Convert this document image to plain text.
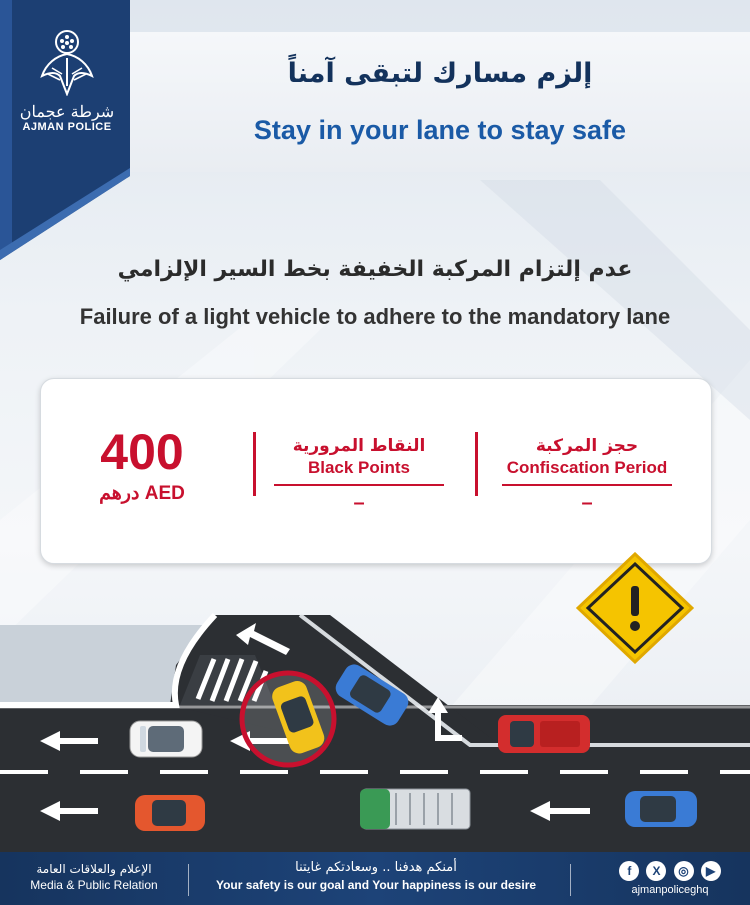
شرطة عجمان
AJMAN POLICE
إلزم مسارك لتبقى آمناً
Stay in your lane to stay safe
عدم إلتزام المركبة الخفيفة بخط السير الإلزامي
Failure of a light vehicle to adhere to the mandatory lane
400
AED درهم
النقاط المرورية
Black Points
–
حجز المركبة
Confiscation Period
–
الإعلام والعلاقات العامة
Media & Public Relation
أمنكم هدفنا .. وسعادتكم غايتنا
Your safety is our goal and Your happiness is our desire
f X ◎ ▶
ajmanpoliceghq
